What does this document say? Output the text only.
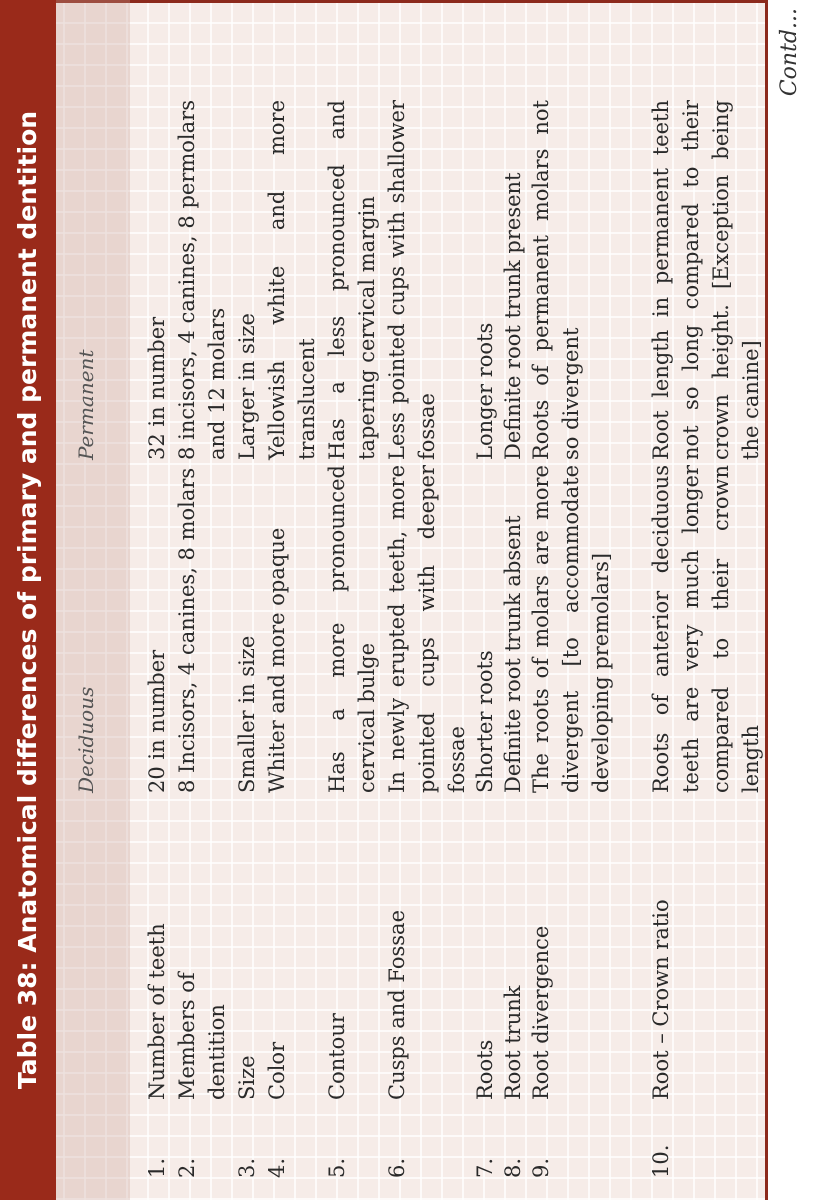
Table 38: Anatomical differences of primary and permanent dentition	Deciduous
Permanent
1.
Number of teeth
20 in number
32 in number
2.
Members of dentition
8 Incisors, 4 canines, 8 molars
8 incisors, 4 canines, 8 permolars and 12 molars
3.
Size
Smaller in size
Larger in size
4.
Color
Whiter and more opaque
Yellowish white and more translucent
5.
Contour
Has a more pronounced cervical bulge
Has a less pronounced and tapering cervical margin
6.
Cusps and Fossae
In newly erupted teeth, more pointed cups with deeper fossae
Less pointed cups with shallower fossae
7.
Roots
Shorter roots
Longer roots
8.
Root trunk
Definite root trunk absent
Definite root trunk present
9.
Root divergence
The roots of molars are more divergent [to accommodate developing premolars]
Roots of permanent molars not so divergent
10.
Root – Crown ratio
Roots of anterior deciduous teeth are very much longer compared to their crown length
Root length in permanent teeth not so long compared to their crown height. [Exception being the canine]
Contd...
